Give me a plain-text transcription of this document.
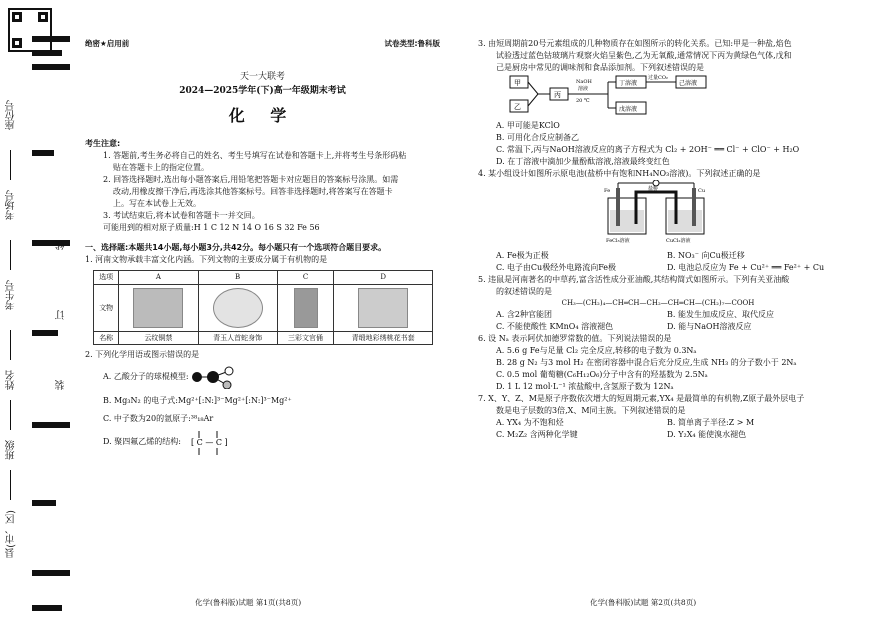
座位号
考场号
考生号
姓名
班级
县(市、区)
线
订
装
绝密★启用前	试卷类型:鲁科版

天一大联考

2024—2025学年(下)高一年级期末考试

化 学

考生注意:

1. 答题前,考生务必将自己的姓名、考生号填写在试卷和答题卡上,并将考生号条形码粘

贴在答题卡上的指定位置。

2. 回答选择题时,选出每小题答案后,用铅笔把答题卡对应题目的答案标号涂黑。如需

改动,用橡皮擦干净后,再选涂其他答案标号。回答非选择题时,将答案写在答题卡

上。写在本试卷上无效。

3. 考试结束后,将本试卷和答题卡一并交回。

可能用到的相对原子质量:H 1 C 12 N 14 O 16 S 32 Fe 56

一、选择题:本题共14小题,每小题3分,共42分。每小题只有一个选项符合题目要求。

1. 河南文物承载丰富文化内涵。下列文物的主要成分属于有机物的是

选项	A	B	C	D
文物	

名称	云纹铜禁	青玉人首蛇身饰	三彩文官俑	青缎地彩绣桃花书套

2. 下列化学用语或图示错误的是

A. 乙酸分子的球棍模型:

B. Mg₃N₂ 的电子式:Mg²⁺[:N:]³⁻Mg²⁺[:N:]³⁻Mg²⁺

C. 中子数为20的氩原子:³⁸₁₈Ar

D. 聚四氟乙烯的结构: [ C — C ]
化学(鲁科版)试题 第1页(共8页)

3. 由短周期前20号元素组成的几种物质存在如图所示的转化关系。已知:甲是一种盐,焰色

试验透过蓝色钴玻璃片观察火焰呈紫色,乙为无氧酸,通常情况下丙为黄绿色气体,戊和

己是厨房中常见的调味剂和食品添加剂。下列叙述错误的是

甲
乙
丙
NaOH
溶液
20 ℃
丁溶液
戊溶液
过量CO₂
己溶液

A. 甲可能是KClO

B. 可用化合反应制备乙

C. 常温下,丙与NaOH溶液反应的离子方程式为 Cl₂ + 2OH⁻ ══ Cl⁻ + ClO⁻ + H₂O

D. 在丁溶液中滴加少量酚酞溶液,溶液最终变红色

4. 某小组设计如图所示原电池(盐桥中有饱和NH₄NO₃溶液)。下列叙述正确的是

Fe	盐桥	Cu
FeCl₃溶液	CuCl₂溶液
A. Fe极为正极	B. NO₃⁻ 向Cu极迁移
C. 电子由Cu极经外电路流向Fe极	D. 电池总反应为 Fe + Cu²⁺ ══ Fe²⁺ + Cu

5. 违鼠是河南著名的中草药,富含活性成分亚油酸,其结构简式如图所示。下列有关亚油酸

的叙述错误的是

CH₃—(CH₂)₄—CH═CH—CH₂—CH═CH—(CH₂)₇—COOH

A. 含2种官能团	B. 能发生加成反应、取代反应
C. 不能使酸性 KMnO₄ 溶液褪色	D. 能与NaOH溶液反应

6. 设 Nₐ 表示阿伏加德罗常数的值。下列说法错误的是

A. 5.6 g Fe与足量 Cl₂ 完全反应,转移的电子数为 0.3Nₐ

B. 28 g N₂ 与3 mol H₂ 在密闭容器中混合后充分反应,生成 NH₃ 的分子数小于 2Nₐ

C. 0.5 mol 葡萄糖(C₆H₁₂O₆)分子中含有的羟基数为 2.5Nₐ

D. 1 L 12 mol·L⁻¹ 浓盐酸中,含氢原子数为 12Nₐ

7. X、Y、Z、M是原子序数依次增大的短周期元素,YX₄ 是最简单的有机物,Z原子最外层电子

数是电子层数的3倍,X、M同主族。下列叙述错误的是

A. YX₄ 为不饱和烃	B. 简单离子半径:Z > M
C. M₂Z₂ 含两种化学键	D. Y₂X₄ 能使溴水褪色
化学(鲁科版)试题 第2页(共8页)
